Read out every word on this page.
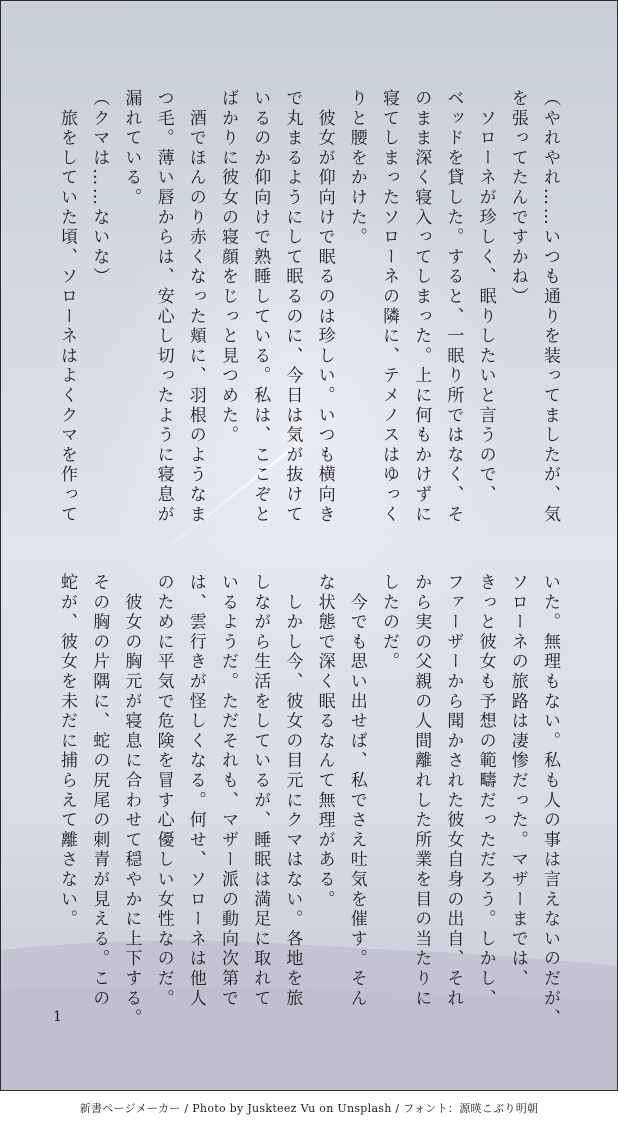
（やれやれ……いつも通りを装ってましたが、気
を張ってたんですかね）
　ソローネが珍しく、眠りしたいと言うので、
ベッドを貸した。すると、一眠り所ではなく、そ
のまま深く寝入ってしまった。上に何もかけずに
寝てしまったソローネの隣に、テメノスはゆっく
りと腰をかけた。
　彼女が仰向けで眠るのは珍しい。いつも横向き
で丸まるようにして眠るのに、今日は気が抜けて
いるのか仰向けで熟睡している。私は、ここぞと
ばかりに彼女の寝顔をじっと見つめた。
　酒でほんのり赤くなった頬に、羽根のようなま
つ毛。薄い唇からは、安心し切ったように寝息が
漏れている。
（クマは……ないな）
　旅をしていた頃、ソローネはよくクマを作って
いた。無理もない。私も人の事は言えないのだが、
ソローネの旅路は凄惨だった。マザーまでは、
きっと彼女も予想の範疇だっただろう。しかし、
ファーザーから聞かされた彼女自身の出自、それ
から実の父親の人間離れした所業を目の当たりに
したのだ。
　今でも思い出せば、私でさえ吐気を催す。そん
な状態で深く眠るなんて無理がある。
　しかし今、彼女の目元にクマはない。各地を旅
しながら生活をしているが、睡眠は満足に取れて
いるようだ。ただそれも、マザー派の動向次第で
は、雲行きが怪しくなる。何せ、ソローネは他人
のために平気で危険を冒す心優しい女性なのだ。
　彼女の胸元が寝息に合わせて穏やかに上下する。
その胸の片隅に、蛇の尻尾の刺青が見える。この
蛇が、彼女を未だに捕らえて離さない。
1
新書ページメーカー / Photo by Juskteez Vu on Unsplash / フォント：源暎こぶり明朝
